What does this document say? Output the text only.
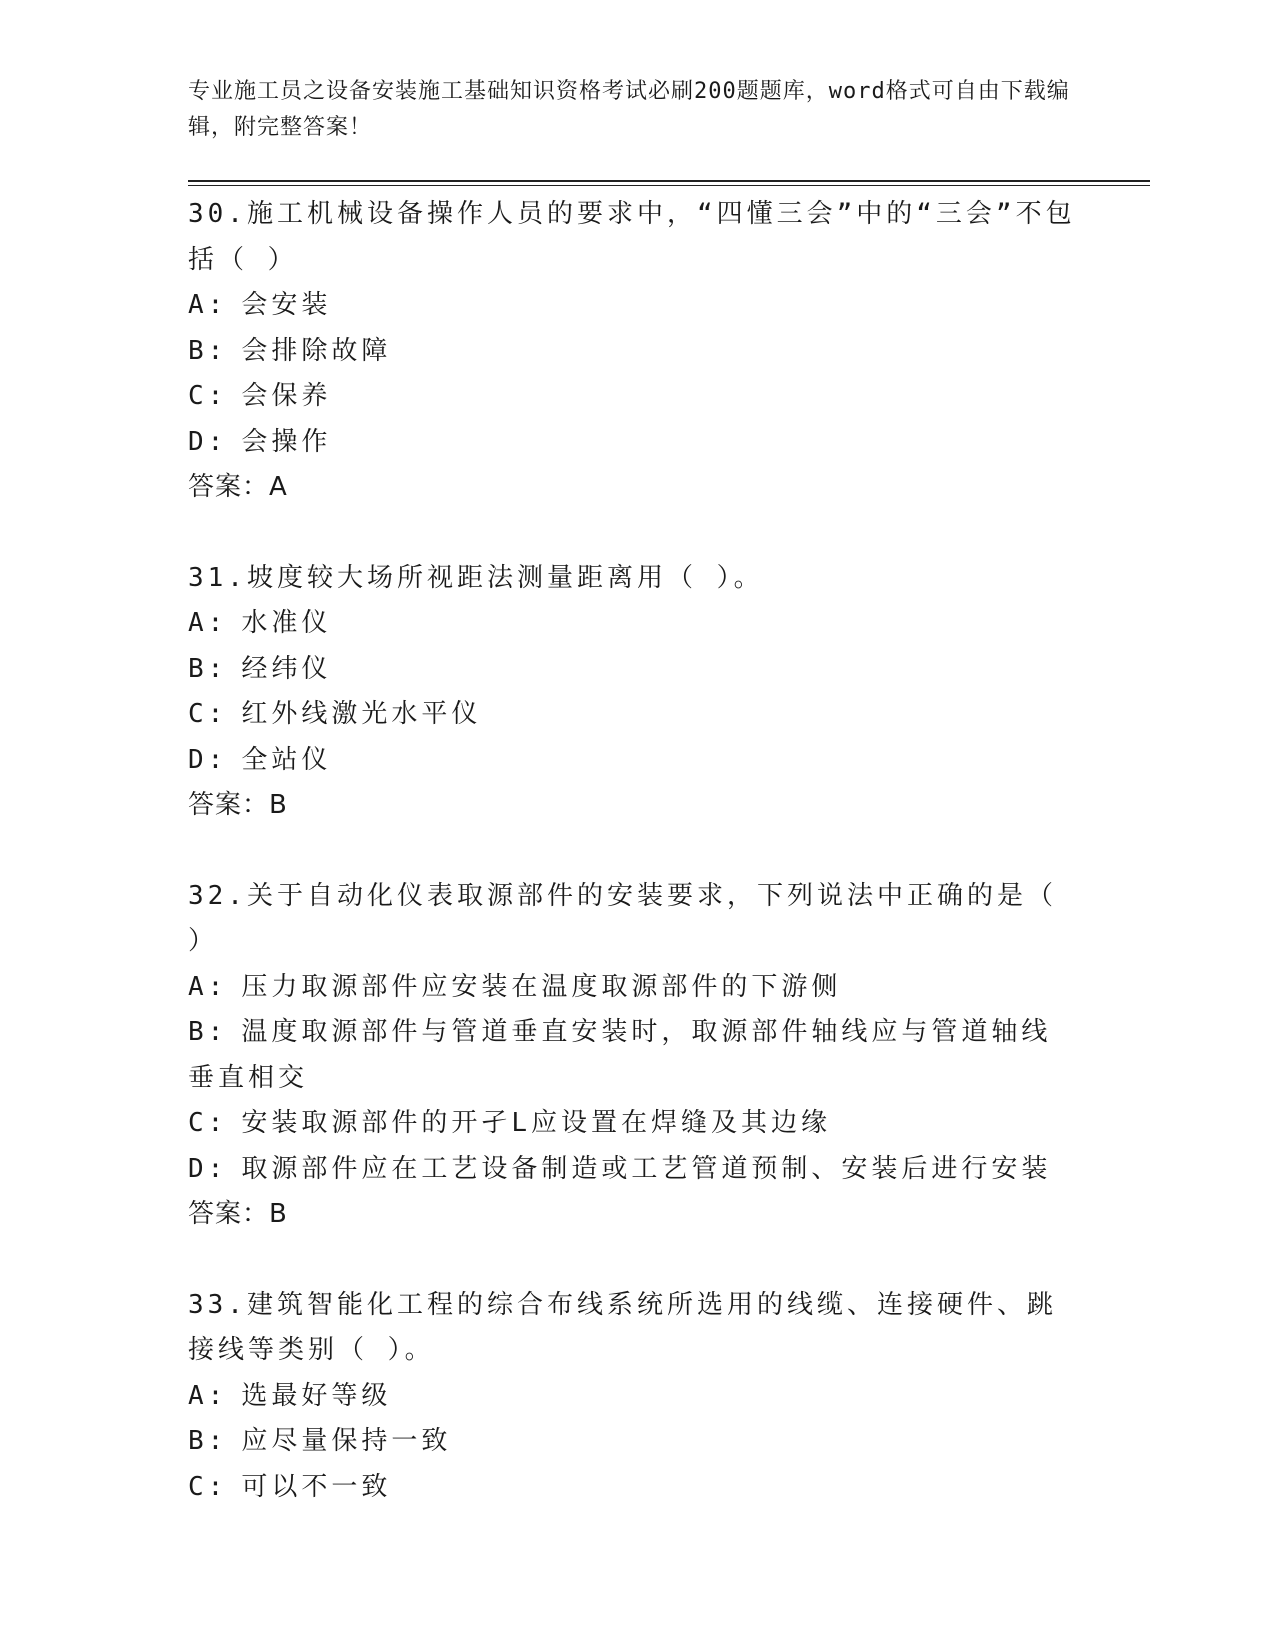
专业施工员之设备安装施工基础知识资格考试必刷200题题库，word格式可自由下载编辑，附完整答案！

30.施工机械设备操作人员的要求中，“四懂三会”中的“三会”不包括（ ）

A: 会安装

B: 会排除故障

C: 会保养

D: 会操作

答案：A

31.坡度较大场所视距法测量距离用（ ）。

A: 水准仪

B: 经纬仪

C: 红外线激光水平仪

D: 全站仪

答案：B

32.关于自动化仪表取源部件的安装要求，下列说法中正确的是（ ）

A: 压力取源部件应安装在温度取源部件的下游侧

B: 温度取源部件与管道垂直安装时，取源部件轴线应与管道轴线垂直相交

C: 安装取源部件的开孑L应设置在焊缝及其边缘

D: 取源部件应在工艺设备制造或工艺管道预制、安装后进行安装

答案：B

33.建筑智能化工程的综合布线系统所选用的线缆、连接硬件、跳接线等类别（ ）。

A: 选最好等级

B: 应尽量保持一致

C: 可以不一致
